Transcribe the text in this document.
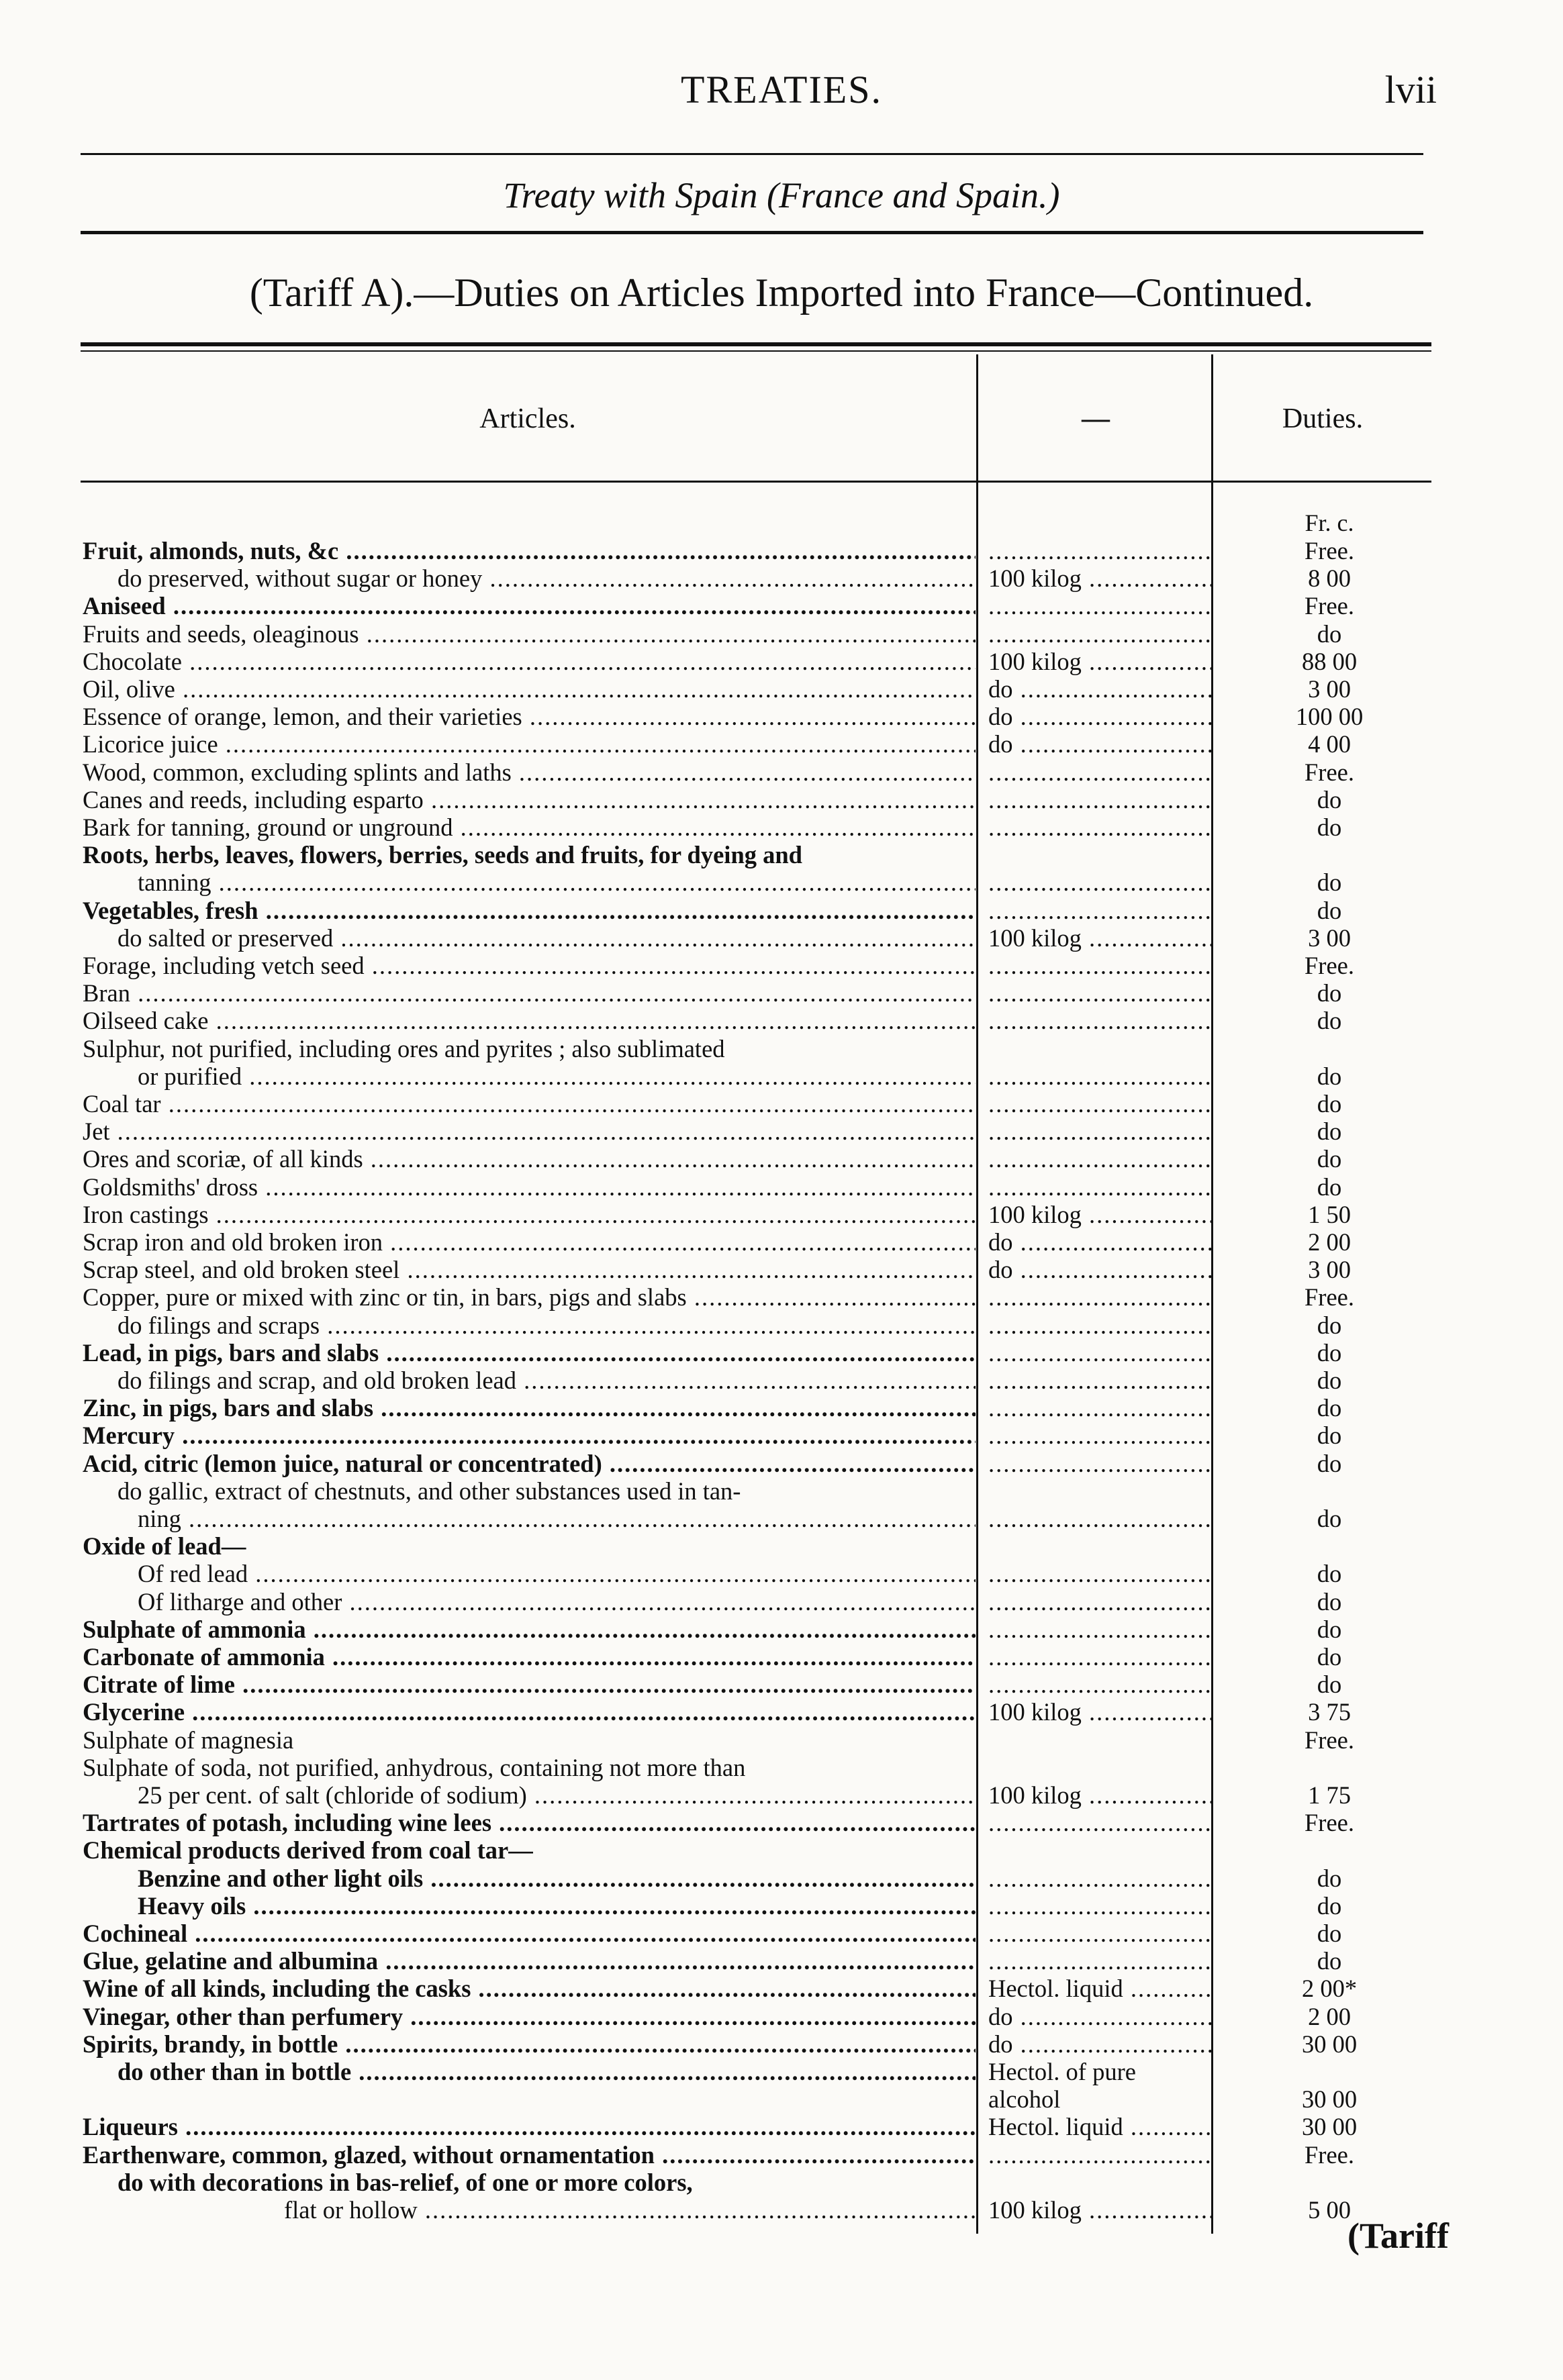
TREATIES.	lvii
Treaty with Spain (France and Spain.)
(Tariff A).—Duties on Articles Imported into France—Continued.
Articles.	—	Duties.
Fr. c.
Fruit, almonds, nuts, &c ..... .....	Free.
do preserved, without sugar or honey .....	100 kilog .....	8 00
Aniseed ..... .....	Free.
Fruits and seeds, oleaginous ..... .....	do
Chocolate .....	100 kilog .....	88 00
Oil, olive .....	do .....	3 00
Essence of orange, lemon, and their varieties .....	do .....	100 00
Licorice juice .....	do .....	4 00
Wood, common, excluding splints and laths ..... .....	Free.
Canes and reeds, including esparto ..... .....	do
Bark for tanning, ground or unground ..... .....	do
Roots, herbs, leaves, flowers, berries, seeds and fruits, for dyeing and
tanning ..... .....	do
Vegetables, fresh ..... .....	do
do salted or preserved .....	100 kilog .....	3 00
Forage, including vetch seed ..... .....	Free.
Bran ..... .....	do
Oilseed cake ..... .....	do
Sulphur, not purified, including ores and pyrites ; also sublimated
or purified ..... .....	do
Coal tar ..... .....	do
Jet ..... .....	do
Ores and scoriæ, of all kinds ..... .....	do
Goldsmiths' dross ..... .....	do
Iron castings .....	100 kilog .....	1 50
Scrap iron and old broken iron .....	do .....	2 00
Scrap steel, and old broken steel .....	do .....	3 00
Copper, pure or mixed with zinc or tin, in bars, pigs and slabs ..... .....	Free.
do filings and scraps ..... .....	do
Lead, in pigs, bars and slabs ..... .....	do
do filings and scrap, and old broken lead ..... .....	do
Zinc, in pigs, bars and slabs ..... .....	do
Mercury ..... .....	do
Acid, citric (lemon juice, natural or concentrated) ..... .....	do
do gallic, extract of chestnuts, and other substances used in tan-
ning ..... .....	do
Oxide of lead—
Of red lead ..... .....	do
Of litharge and other ..... .....	do
Sulphate of ammonia ..... .....	do
Carbonate of ammonia ..... .....	do
Citrate of lime ..... .....	do
Glycerine .....	100 kilog .....	3 75
Sulphate of magnesia	Free.
Sulphate of soda, not purified, anhydrous, containing not more than
25 per cent. of salt (chloride of sodium) .....	100 kilog .....	1 75
Tartrates of potash, including wine lees ..... .....	Free.
Chemical products derived from coal tar—
Benzine and other light oils ..... .....	do
Heavy oils ..... .....	do
Cochineal ..... .....	do
Glue, gelatine and albumina ..... .....	do
Wine of all kinds, including the casks .....	Hectol. liquid .....	2 00*
Vinegar, other than perfumery .....	do .....	2 00
Spirits, brandy, in bottle .....	do .....	30 00
do other than in bottle .....	Hectol. of pure
alcohol	30 00
Liqueurs .....	Hectol. liquid .....	30 00
Earthenware, common, glazed, without ornamentation ..... .....	Free.
do with decorations in bas-relief, of one or more colors,
flat or hollow .....	100 kilog .....	5 00
(Tariff
